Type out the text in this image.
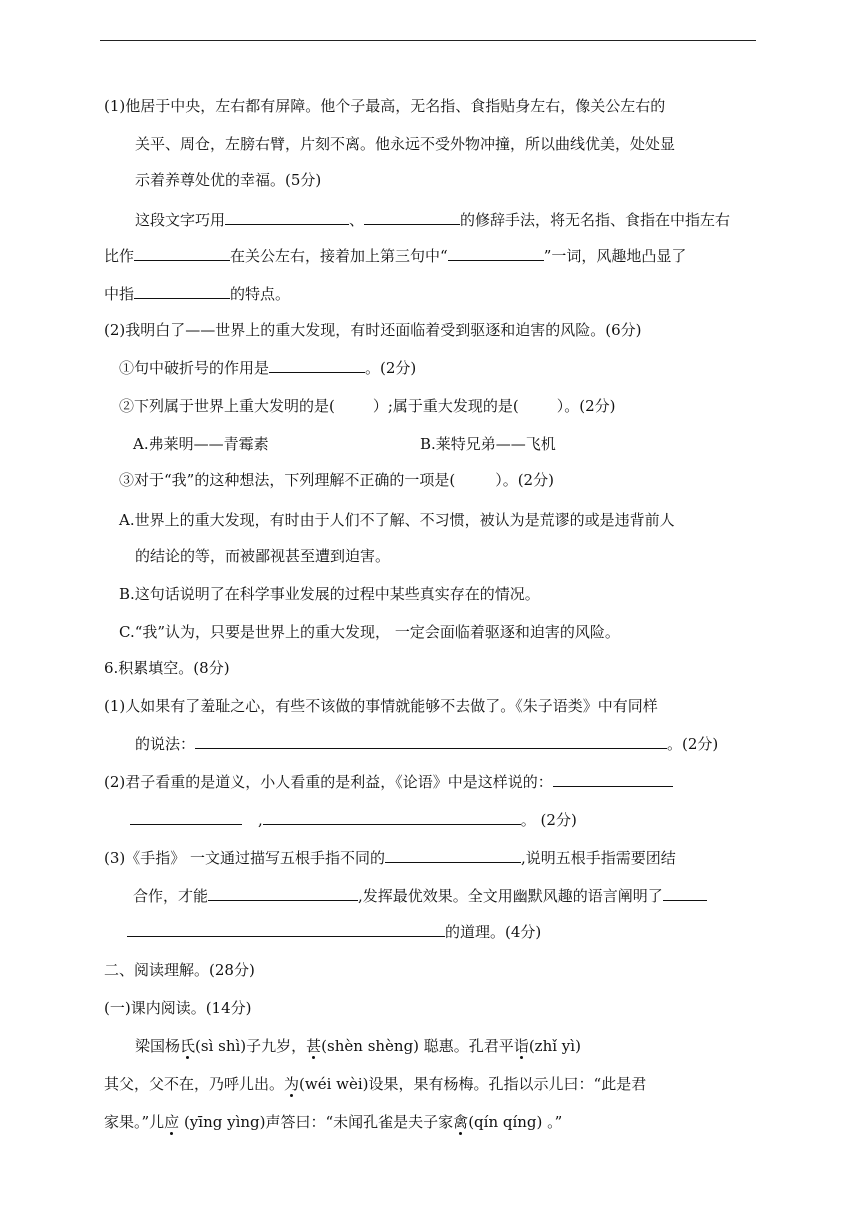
(1)他居于中央，左右都有屏障。他个子最高，无名指、食指贴身左右，像关公左右的
关平、周仓，左膀右臂，片刻不离。他永远不受外物冲撞，所以曲线优美，处处显
示着养尊处优的幸福。(5分)
这段文字巧用	、	的修辞手法，将无名指、食指在中指左右
比作	在关公左右，接着加上第三句中“	”一词，风趣地凸显了
中指	的特点。
(2)我明白了——世界上的重大发现，有时还面临着受到驱逐和迫害的风险。(6分)
①句中破折号的作用是	。(2分)
②下列属于世界上重大发明的是(	）;属于重大发现的是(	）。(2分)
A.弗莱明——青霉素	B.莱特兄弟——飞机
③对于“我”的这种想法，下列理解不正确的一项是(	）。(2分)
A.世界上的重大发现，有时由于人们不了解、不习惯，被认为是荒谬的或是违背前人
的结论的等，而被鄙视甚至遭到迫害。
B.这句话说明了在科学事业发展的过程中某些真实存在的情况。
C.“我”认为，只要是世界上的重大发现， 一定会面临着驱逐和迫害的风险。
6.积累填空。(8分)
(1)人如果有了羞耻之心，有些不该做的事情就能够不去做了。《朱子语类》中有同样
的说法：	。(2分)
(2)君子看重的是道义，小人看重的是利益，《论语》中是这样说的：
,	。 (2分)
(3)《手指》 一文通过描写五根手指不同的	,说明五根手指需要团结
合作，才能	,发挥最优效果。全文用幽默风趣的语言阐明了
的道理。(4分)
二、阅读理解。(28分)
(一)课内阅读。(14分)
梁国杨氏(sì shì)子九岁，甚(shèn shèng) 聪惠。孔君平诣(zhǐ yì)
其父，父不在，乃呼儿出。为(wéi wèi)设果，果有杨梅。孔指以示儿曰：“此是君
家果。”儿应 (yīng yìng)声答曰：“未闻孔雀是夫子家禽(qín qíng) 。”
